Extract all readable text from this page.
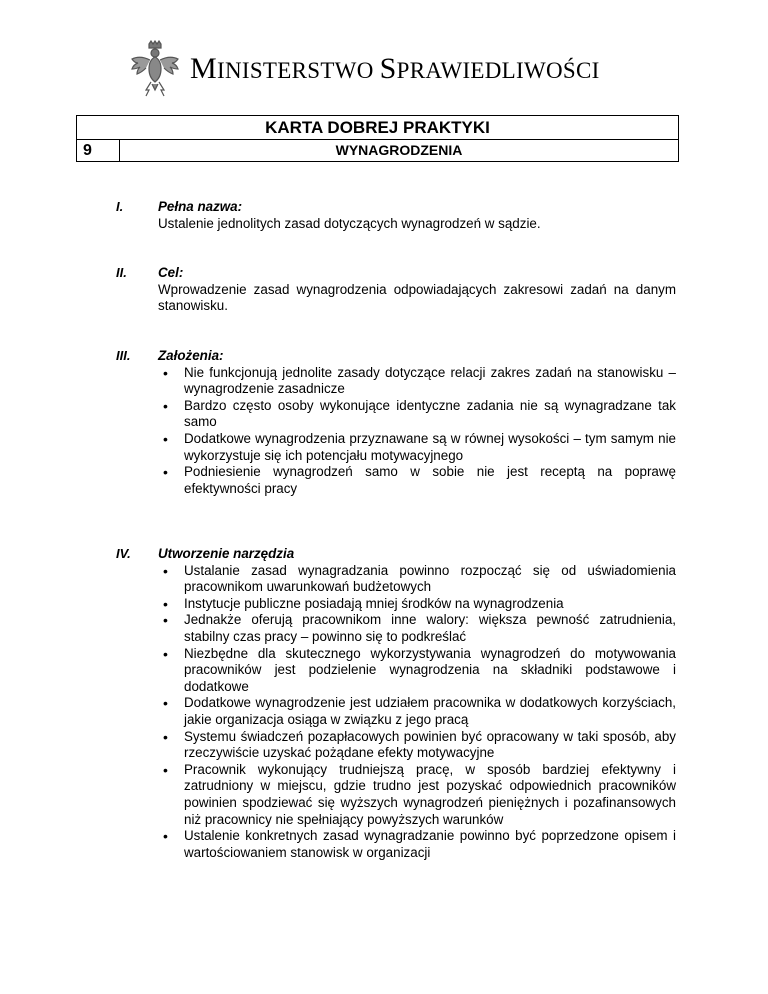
MINISTERSTWO SPRAWIEDLIWOŚCI
KARTA DOBREJ PRAKTYKI
9	WYNAGRODZENIA
I.	Pełna nazwa:
Ustalenie jednolitych zasad dotyczących wynagrodzeń w sądzie.
II. Cel:
Wprowadzenie zasad wynagrodzenia odpowiadających zakresowi zadań na danym stanowisku.
III. Założenia:
• Nie funkcjonują jednolite zasady dotyczące relacji zakres zadań na stanowisku – wynagrodzenie zasadnicze
• Bardzo często osoby wykonujące identyczne zadania nie są wynagradzane tak samo
• Dodatkowe wynagrodzenia przyznawane są w równej wysokości – tym samym nie wykorzystuje się ich potencjału motywacyjnego
• Podniesienie wynagrodzeń samo w sobie nie jest receptą na poprawę efektywności pracy
IV. Utworzenie narzędzia
• Ustalanie zasad wynagradzania powinno rozpocząć się od uświadomienia pracownikom uwarunkowań budżetowych
• Instytucje publiczne posiadają mniej środków na wynagrodzenia
• Jednakże oferują pracownikom inne walory: większa pewność zatrudnienia, stabilny czas pracy – powinno się to podkreślać
• Niezbędne dla skutecznego wykorzystywania wynagrodzeń do motywowania pracowników jest podzielenie wynagrodzenia na składniki podstawowe i dodatkowe
• Dodatkowe wynagrodzenie jest udziałem pracownika w dodatkowych korzyściach, jakie organizacja osiąga w związku z jego pracą
• Systemu świadczeń pozapłacowych powinien być opracowany w taki sposób, aby rzeczywiście uzyskać pożądane efekty motywacyjne
• Pracownik wykonujący trudniejszą pracę, w sposób bardziej efektywny i zatrudniony w miejscu, gdzie trudno jest pozyskać odpowiednich pracowników powinien spodziewać się wyższych wynagrodzeń pieniężnych i pozafinansowych niż pracownicy nie spełniający powyższych warunków
• Ustalenie konkretnych zasad wynagradzanie powinno być poprzedzone opisem i wartościowaniem stanowisk w organizacji
